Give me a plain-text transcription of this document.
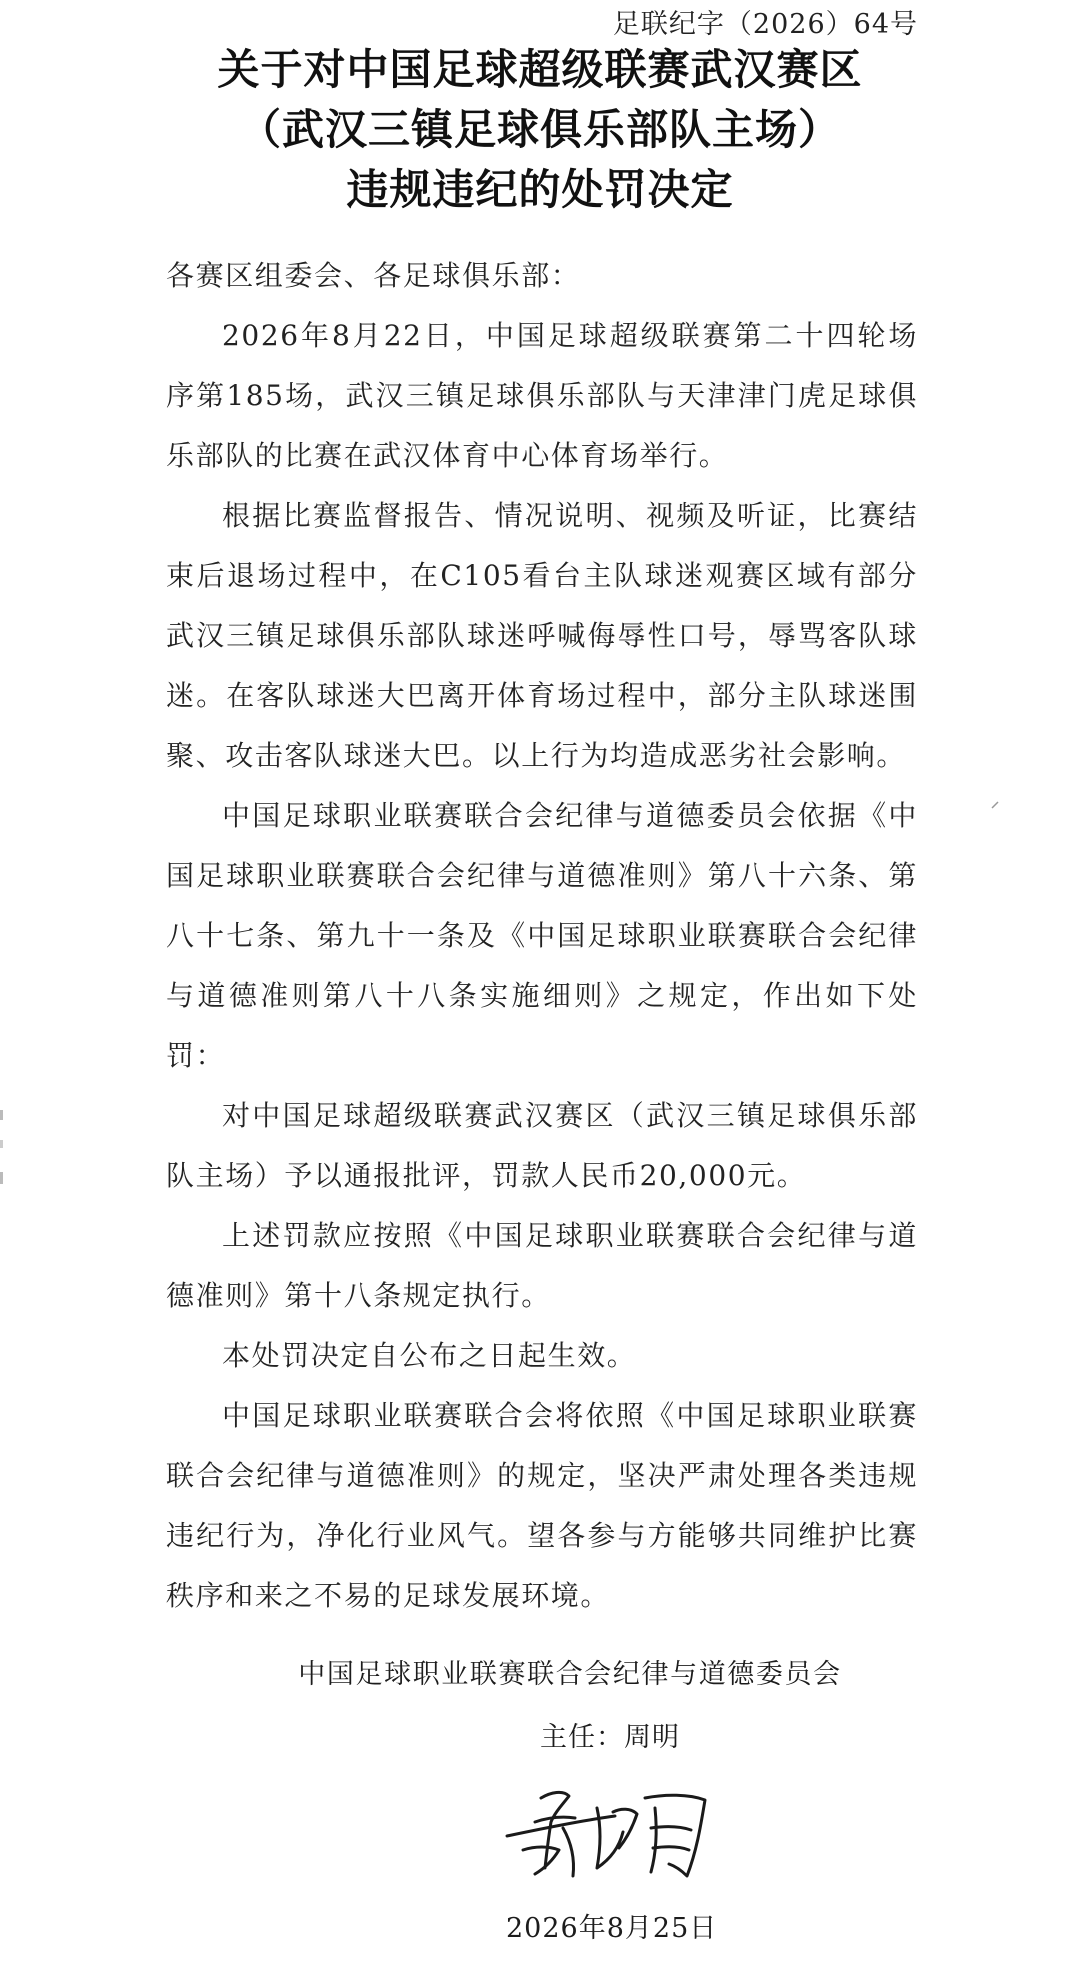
足联纪字（2026）64号
关于对中国足球超级联赛武汉赛区
（武汉三镇足球俱乐部队主场）
违规违纪的处罚决定

各赛区组委会、各足球俱乐部：

2026年8月22日，中国足球超级联赛第二十四轮场序第185场，武汉三镇足球俱乐部队与天津津门虎足球俱乐部队的比赛在武汉体育中心体育场举行。

根据比赛监督报告、情况说明、视频及听证，比赛结束后退场过程中，在C105看台主队球迷观赛区域有部分武汉三镇足球俱乐部队球迷呼喊侮辱性口号，辱骂客队球迷。在客队球迷大巴离开体育场过程中，部分主队球迷围聚、攻击客队球迷大巴。以上行为均造成恶劣社会影响。

中国足球职业联赛联合会纪律与道德委员会依据《中国足球职业联赛联合会纪律与道德准则》第八十六条、第八十七条、第九十一条及《中国足球职业联赛联合会纪律与道德准则第八十八条实施细则》之规定，作出如下处罚：

对中国足球超级联赛武汉赛区（武汉三镇足球俱乐部队主场）予以通报批评，罚款人民币20,000元。

上述罚款应按照《中国足球职业联赛联合会纪律与道德准则》第十八条规定执行。

本处罚决定自公布之日起生效。

中国足球职业联赛联合会将依照《中国足球职业联赛联合会纪律与道德准则》的规定，坚决严肃处理各类违规违纪行为，净化行业风气。望各参与方能够共同维护比赛秩序和来之不易的足球发展环境。

中国足球职业联赛联合会纪律与道德委员会
主任：周明
2026年8月25日
